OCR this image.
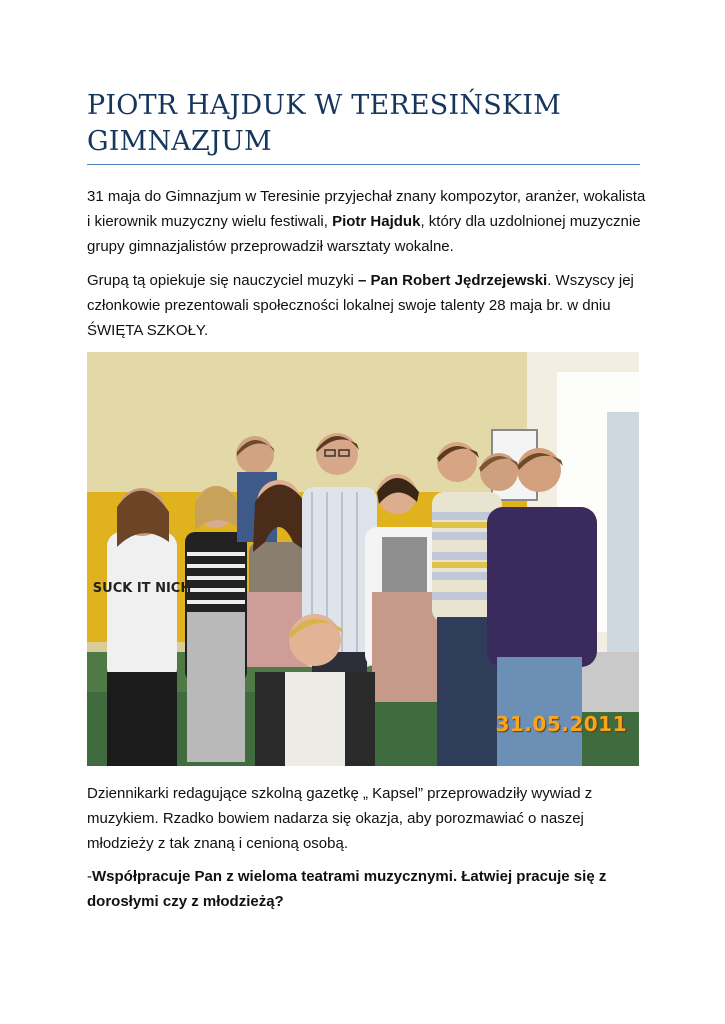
PIOTR HAJDUK W TERESIŃSKIM
GIMNAZJUM

31 maja do Gimnazjum w Teresinie przyjechał znany kompozytor, aranżer, wokalista i kierownik muzyczny wielu festiwali, Piotr Hajduk, który dla uzdolnionej muzycznie grupy gimnazjalistów przeprowadził warsztaty wokalne.

Grupą tą opiekuje się nauczyciel muzyki – Pan Robert Jędrzejewski. Wszyscy jej członkowie prezentowali społeczności lokalnej swoje talenty 28 maja br. w dniu ŚWIĘTA SZKOŁY.

SUCK IT NICH
31.05.2011

Dziennikarki redagujące szkolną gazetkę „ Kapsel” przeprowadziły wywiad z muzykiem. Rzadko bowiem nadarza się okazja, aby porozmawiać o naszej młodzieży z tak znaną i cenioną osobą.

-Współpracuje Pan z wieloma teatrami muzycznymi. Łatwiej pracuje się z dorosłymi czy z młodzieżą?
